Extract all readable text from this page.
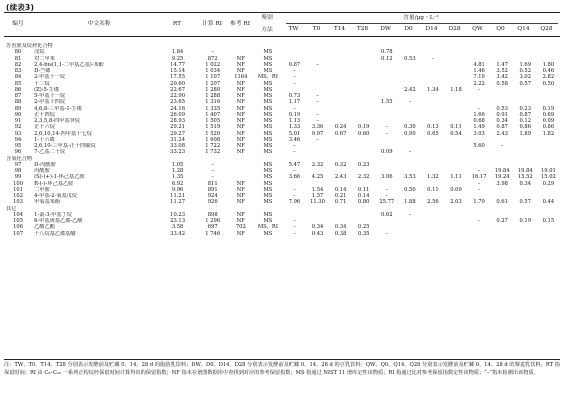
(续表3)
编号	中文名称	RT	计算 RI	参考 RI
鉴别
方法
含量/μg・L⁻¹
TW	T0	T14	T28	DW	D0	D14	D28	QW	Q0	Q14	Q28
芳香族及烷烃化合物																	
80	戊烷	1.84	–		MS					0.78							
81	对二甲苯	9.25	872	NF	MS					0.12	0.53	–					
82	2,4-bis(1,1-二甲基乙基)-苯酚	14.77	1 022	NF	MS	0.87	–							4.81	1.47	1.69	1.80
83	D-苎烯	15.14	1 034	NF	MS	–								1.46	3.52	0.52	0.46
84	2-甲基十一烷	17.55	1 107	1164	MS，RI	–								7.19	3.42	3.02	2.82
85	十二烷	20.60	1 207	NF	MS	–								2.22	0.58	0.57	0.50
86	(Z)-5-壬烯	22.67	1 280	NF	MS						2.42	1.34	1.18	–			
87	5-甲基十一烷	22.90	1 288	NF	MS	0.73	–										
88	2-甲基十四烷	23.65	1 316	NF	MS	1.17	–			1.55	–						
89	4,6,8-三甲基-1-壬烯	24.16	1 335	NF	MS	–								–	0.53	0.23	0.19
90	正十四烷	26.09	1 407	NF	MS	0.19	–							1.66	0.91	0.87	0.69
91	2,3,5,8-四甲基癸烷	28.93	1 505	NF	MS	1.13	–							0.68	0.34	0.12	0.09
92	正十六烷	29.21	1 519	NF	MS	1.33	3.36	0.24	0.19	–	0.30	0.13	0.11	1.49	0.87	0.86	0.86
93	2,6,10,14-四甲基十七烷	29.27	1 520	NF	MS	5.01	9.97	0.67	0.60	–	0.90	0.65	0.54	3.03	2.43	1.89	1.82
94	1-十六烯	31.24	1 608	NF	MS	3.46	–										
95	2,6,10-三甲基-正十四碳烷	33.08	1 722	NF	MS	–								5.60	–		
96	7-乙基二十烷	33.23	1 732	NF	MS	–				0.09	–						
含氧化合物																	
97	D-内酰胺	1.05	–		MS	5.47	2.32	0.32	0.23								
98	丙酰胺	1.28	–		MS	–								–	19.84	19.84	19.01
99	(S)-(+)-1-环己基乙胺	1.35	–		MS	3.66	4.25	2.43	2.32	3.06	3.53	1.32	1.11	16.17	19.24	15.52	15.02
100	R-(-)-环己基乙胺	6.92	811	NF	MS									–	3.98	0.34	0.29
101	二甲胺	9.96	891	NF	MS	–	1.54	0.14	0.11	–	0.50	0.11	0.09	–			
102	4-甲基-2-氧基戊烷	11.21	924	NF	MS	–	1.57	0.21	0.14	–							
103	甲氧基苯酚	11.27	926	NF	MS	7.96	11.30	0.71	0.80	25.77	1.88	2.56	2.03	1.79	0.61	0.57	0.44
其它																	
104	1-氯-3-甲基丁烷	10.23	898	NF	MS					0.62	–						
105	6-甲基庚基乙烯-乙酸	23.13	1 296	NF	MS	–								–	0.27	0.19	0.15
106	乙酸乙酯	3.58	697	702	MS，RI	–	0.34	0.34	0.25								
107	十八烷基乙烯基醚	33.42	1 746	NF	MS	–	0.43	0.38	0.35	–							
注：TW、T0、T14、T28 分别表示发酵前及贮藏 0、14、28 d 的脂肪乳饮料；DW、D0、D14、D28 分别表示发酵前及贮藏 0、14、28 d 的豆乳饮料；QW、Q0、Q14、Q28 分别表示发酵前及贮藏 0、14、28 d 的藜麦乳饮料，RT 指保留时间；RI 由 C₆–C₂₅ 一系列正构烷烃保留时间计算得出的保留指数；NF 指未在谱图数据库中查找到对应的参考保留指数；MS 指通过 NIST 11 谱库定性该物质；RI 指通过比对参考保留指数定性该物质；“–”指未检测出该物质。
